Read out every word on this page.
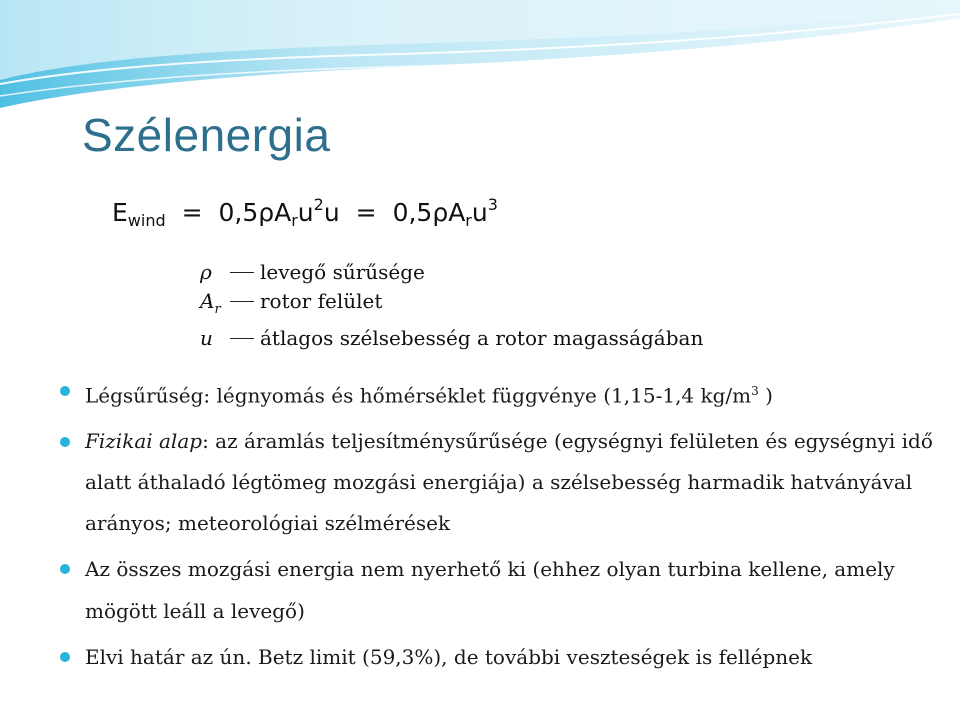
Szélenergia
$E_{wind} = 0,5\rho A_ru^2u = 0,5\rho A_ru^3$
ρ	levegő sűrűsége
$A_r$ rotor felület
u	átlagos szélsebesség a rotor magasságában
Légsűrűség: légnyomás és hőmérséklet függvénye (1,15-1,4 $kg/m^3$ )
Fizikai alap: az áramlás teljesítménysűrűsége (egységnyi felületen és egységnyi idő alatt áthaladó légtömeg mozgási energiája) a szélsebesség harmadik hatványával arányos; meteorológiai szélmérések
Az összes mozgási energia nem nyerhető ki (ehhez olyan turbina kellene, amely mögött leáll a levegő)
Elvi határ az ún. Betz limit (59,3%), de további veszteségek is fellépnek
